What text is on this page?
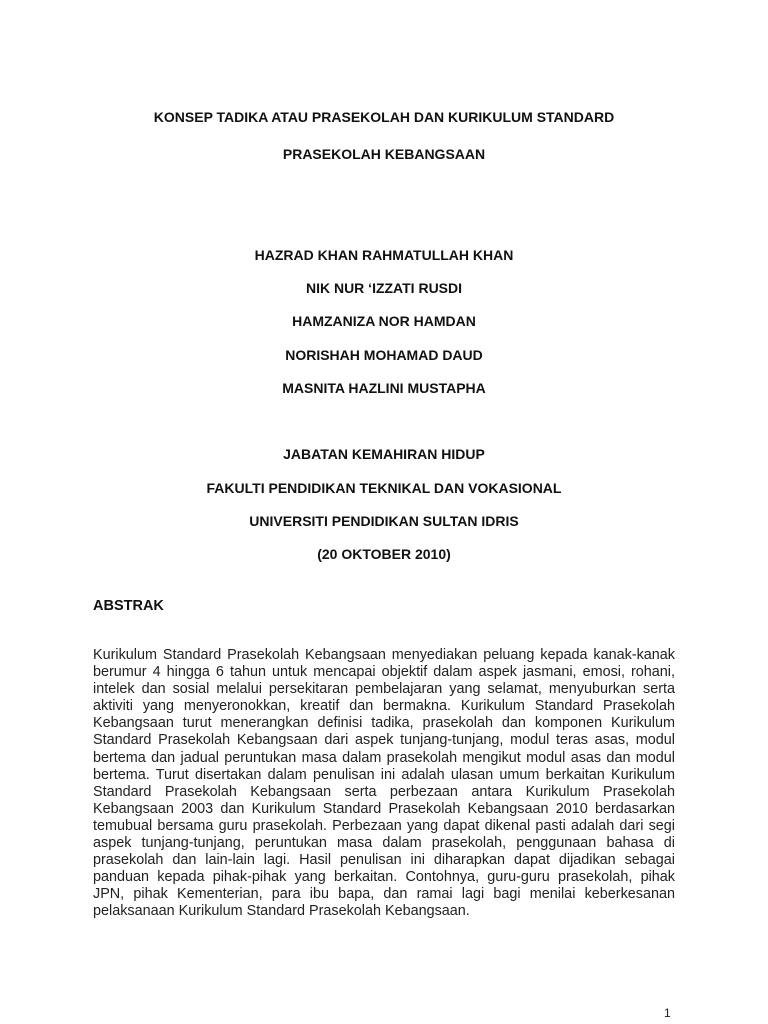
KONSEP TADIKA ATAU PRASEKOLAH DAN KURIKULUM STANDARD
PRASEKOLAH KEBANGSAAN
HAZRAD KHAN RAHMATULLAH KHAN
NIK NUR ‘IZZATI RUSDI
HAMZANIZA NOR HAMDAN
NORISHAH MOHAMAD DAUD
MASNITA HAZLINI MUSTAPHA
JABATAN KEMAHIRAN HIDUP
FAKULTI PENDIDIKAN TEKNIKAL DAN VOKASIONAL
UNIVERSITI PENDIDIKAN SULTAN IDRIS
(20 OKTOBER 2010)
ABSTRAK
Kurikulum Standard Prasekolah Kebangsaan menyediakan peluang kepada kanak-kanak berumur 4 hingga 6 tahun untuk mencapai objektif dalam aspek jasmani, emosi, rohani, intelek dan sosial melalui persekitaran pembelajaran yang selamat, menyuburkan serta aktiviti yang menyeronokkan, kreatif dan bermakna. Kurikulum Standard Prasekolah Kebangsaan turut menerangkan definisi tadika, prasekolah dan komponen Kurikulum Standard Prasekolah Kebangsaan dari aspek tunjang-tunjang, modul teras asas, modul bertema dan jadual peruntukan masa dalam prasekolah mengikut modul asas dan modul bertema. Turut disertakan dalam penulisan ini adalah ulasan umum berkaitan Kurikulum Standard Prasekolah Kebangsaan serta perbezaan antara Kurikulum Prasekolah Kebangsaan 2003 dan Kurikulum Standard Prasekolah Kebangsaan 2010 berdasarkan temubual bersama guru prasekolah. Perbezaan yang dapat dikenal pasti adalah dari segi aspek tunjang-tunjang, peruntukan masa dalam prasekolah, penggunaan bahasa di prasekolah dan lain-lain lagi. Hasil penulisan ini diharapkan dapat dijadikan sebagai panduan kepada pihak-pihak yang berkaitan. Contohnya, guru-guru prasekolah, pihak JPN, pihak Kementerian, para ibu bapa, dan ramai lagi bagi menilai keberkesanan pelaksanaan Kurikulum Standard Prasekolah Kebangsaan.
1
